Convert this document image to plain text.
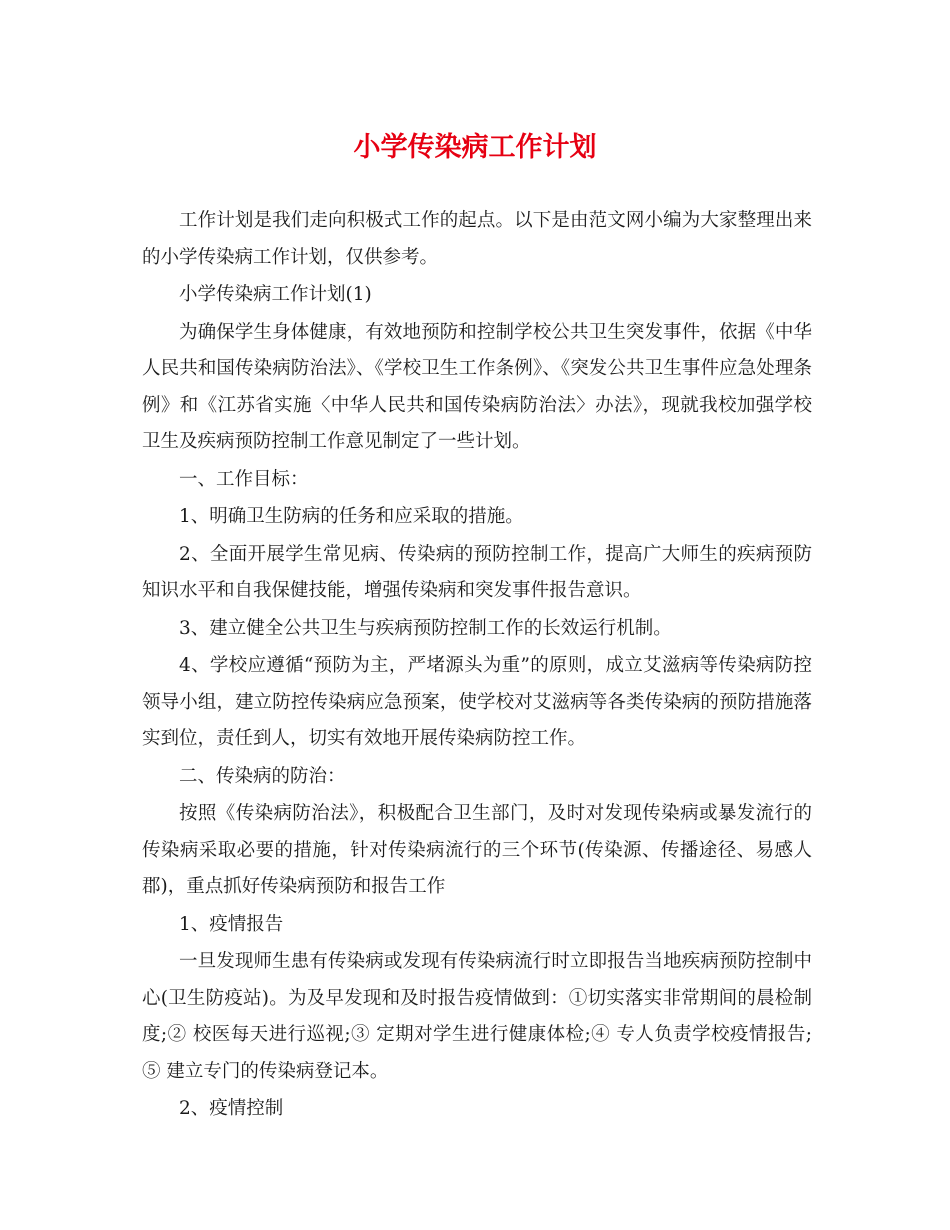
小学传染病工作计划

工作计划是我们走向积极式工作的起点。以下是由范文网小编为大家整理出来的小学传染病工作计划，仅供参考。

小学传染病工作计划(1)

为确保学生身体健康，有效地预防和控制学校公共卫生突发事件，依据《中华人民共和国传染病防治法》、《学校卫生工作条例》、《突发公共卫生事件应急处理条例》和《江苏省实施〈中华人民共和国传染病防治法〉办法》，现就我校加强学校卫生及疾病预防控制工作意见制定了一些计划。

一、工作目标：

1、明确卫生防病的任务和应采取的措施。

2、全面开展学生常见病、传染病的预防控制工作，提高广大师生的疾病预防知识水平和自我保健技能，增强传染病和突发事件报告意识。

3、建立健全公共卫生与疾病预防控制工作的长效运行机制。

4、学校应遵循“预防为主，严堵源头为重”的原则，成立艾滋病等传染病防控领导小组，建立防控传染病应急预案，使学校对艾滋病等各类传染病的预防措施落实到位，责任到人，切实有效地开展传染病防控工作。

二、传染病的防治：

按照《传染病防治法》，积极配合卫生部门，及时对发现传染病或暴发流行的传染病采取必要的措施，针对传染病流行的三个环节(传染源、传播途径、易感人郡)，重点抓好传染病预防和报告工作

1、疫情报告

一旦发现师生患有传染病或发现有传染病流行时立即报告当地疾病预防控制中心(卫生防疫站)。为及早发现和及时报告疫情做到：①切实落实非常期间的晨检制度;② 校医每天进行巡视;③ 定期对学生进行健康体检;④ 专人负责学校疫情报告;⑤ 建立专门的传染病登记本。

2、疫情控制
